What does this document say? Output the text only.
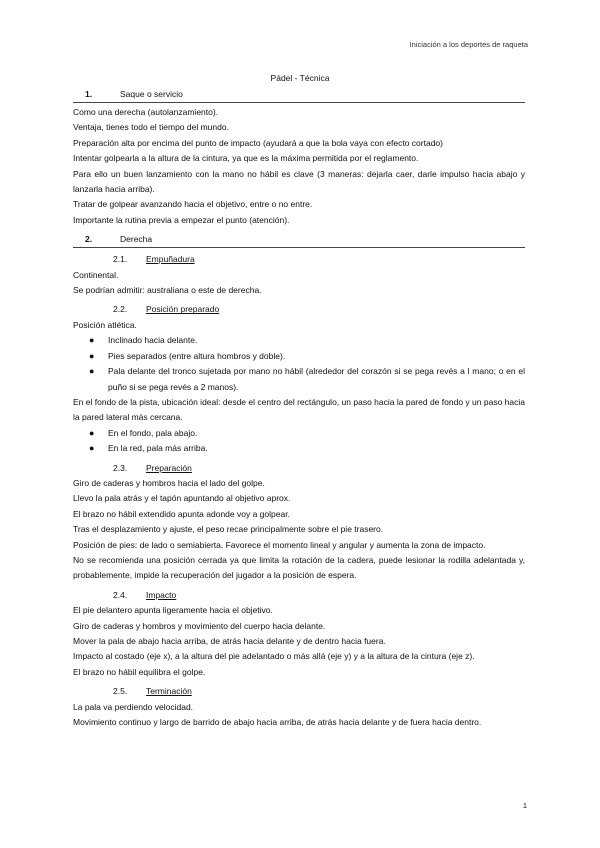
Iniciación a los deportes de raqueta
Pádel - Técnica
1.	Saque o servicio

Como una derecha (autolanzamiento).

Ventaja, tienes todo el tiempo del mundo.

Preparación alta por encima del punto de impacto (ayudará a que la bola vaya con efecto cortado)

Intentar golpearla a la altura de la cintura, ya que es la máxima permitida por el reglamento.

Para ello un buen lanzamiento con la mano no hábil es clave (3 maneras: dejarla caer, darle impulso hacia abajo y lanzarla hacia arriba).

Tratar de golpear avanzando hacia el objetivo, entre o no entre.

Importante la rutina previa a empezar el punto (atención).

2.	Derecha
2.1.	Empuñadura

Continental.

Se podrían admitir: australiana o este de derecha.

2.2.	Posición preparado

Posición atlética.

● Inclinado hacia delante.
● Pies separados (entre altura hombros y doble).
● Pala delante del tronco sujetada por mano no hábil (alrededor del corazón si se pega revés a l mano; o en el puño si se pega revés a 2 manos).

En el fondo de la pista, ubicación ideal: desde el centro del rectángulo, un paso hacia la pared de fondo y un paso hacia la pared lateral más cercana.

● En el fondo, pala abajo.
● En la red, pala más arriba.
2.3.	Preparación

Giro de caderas y hombros hacia el lado del golpe.

Llevo la pala atrás y el tapón apuntando al objetivo aprox.

El brazo no hábil extendido apunta adonde voy a golpear.

Tras el desplazamiento y ajuste, el peso recae principalmente sobre el pie trasero.

Posición de pies: de lado o semiabierta. Favorece el momento lineal y angular y aumenta la zona de impacto.

No se recomienda una posición cerrada ya que limita la rotación de la cadera, puede lesionar la rodilla adelantada y, probablemente, impide la recuperación del jugador a la posición de espera.

2.4.	Impacto

El pie delantero apunta ligeramente hacia el objetivo.

Giro de caderas y hombros y movimiento del cuerpo hacia delante.

Mover la pala de abajo hacia arriba, de atrás hacia delante y de dentro hacia fuera.

Impacto al costado (eje x), a la altura del pie adelantado o más allá (eje y) y a la altura de la cintura (eje z).

El brazo no hábil equilibra el golpe.

2.5.	Terminación

La pala va perdiendo velocidad.

Movimiento continuo y largo de barrido de abajo hacia arriba, de atrás hacia delante y de fuera hacia dentro.

1
